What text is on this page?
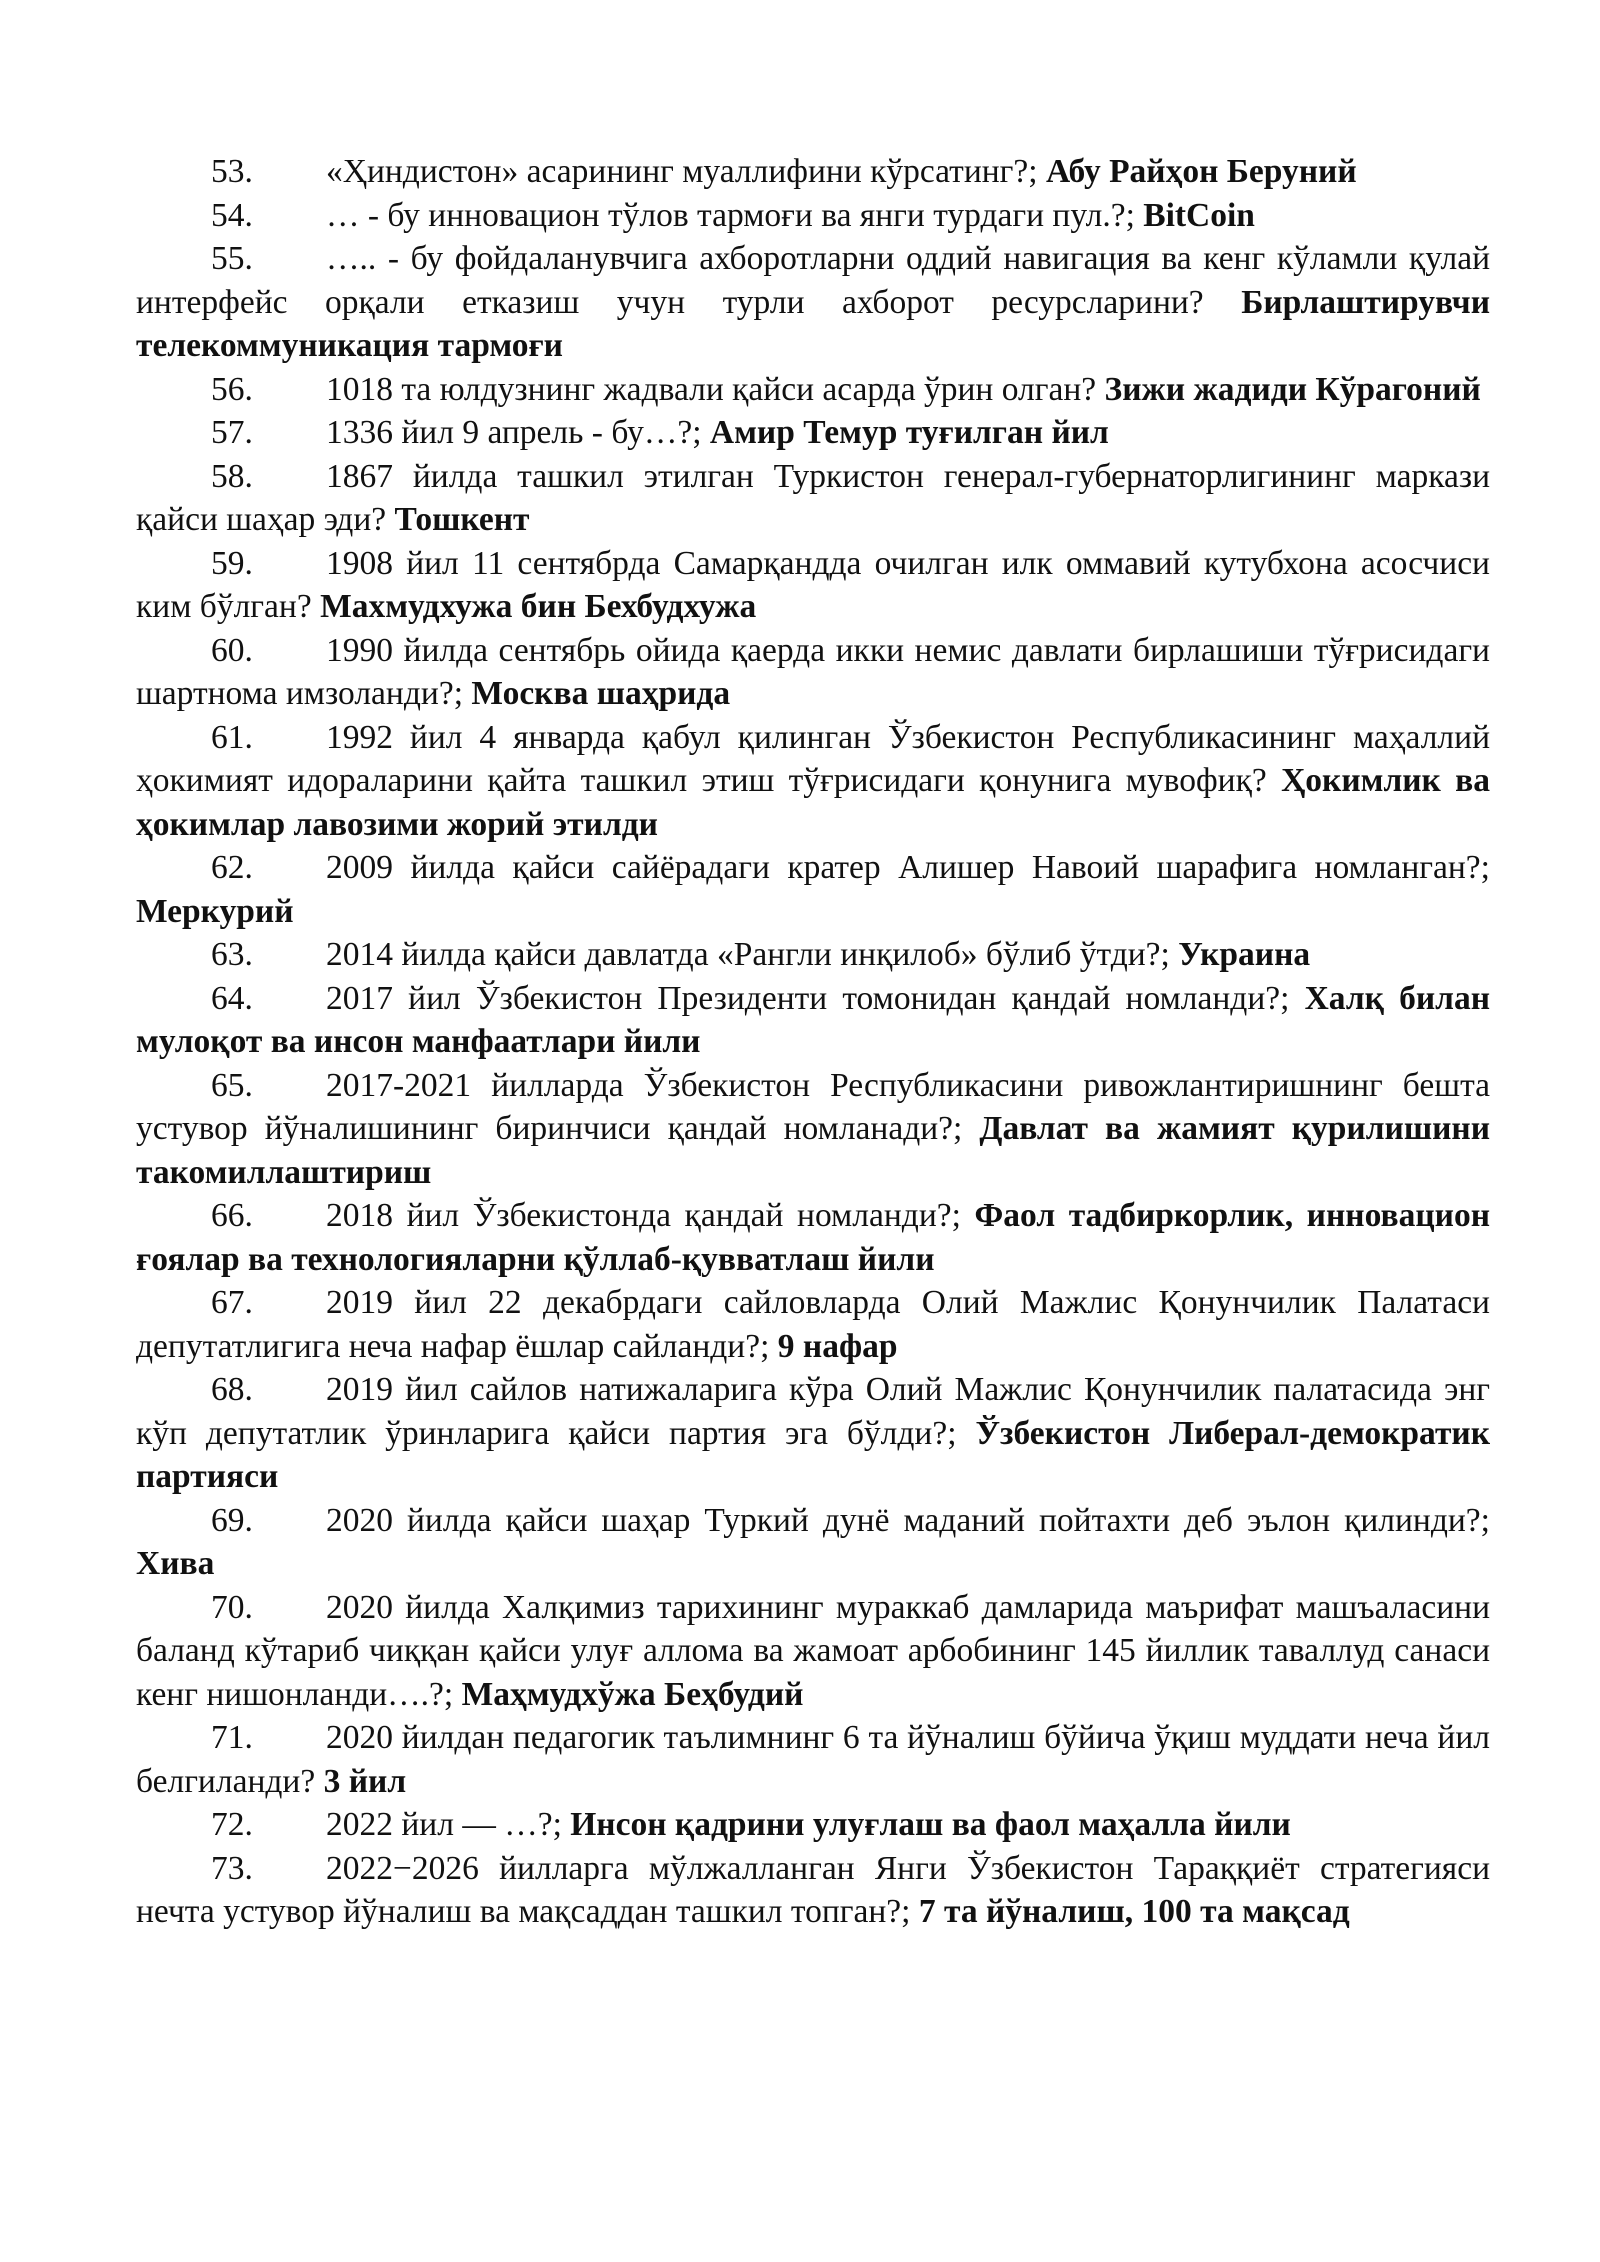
53. «Ҳиндистон» асарининг муаллифини кўрсатинг?; Абу Райҳон Беруний

54. … - бу инновацион тўлов тармоғи ва янги турдаги пул.?; BitCoin

55. ….. - бу фойдаланувчига ахборотларни оддий навигация ва кенг кўламли қулай интерфейс орқали етказиш учун турли ахборот ресурсларини? Бирлаштирувчи телекоммуникация тармоғи

56. 1018 та юлдузнинг жадвали қайси асарда ўрин олган? Зижи жадиди Кўрагоний

57. 1336 йил 9 апрель - бу…?; Амир Темур туғилган йил

58. 1867 йилда ташкил этилган Туркистон генерал-губернаторлигининг маркази қайси шаҳар эди? Тошкент

59. 1908 йил 11 сентябрда Самарқандда очилган илк оммавий кутубхона асосчиси ким бўлган? Махмудхужа бин Бехбудхужа

60. 1990 йилда сентябрь ойида қаерда икки немис давлати бирлашиши тўғрисидаги шартнома имзоланди?; Москва шаҳрида

61. 1992 йил 4 январда қабул қилинган Ўзбекистон Республикасининг маҳаллий ҳокимият идораларини қайта ташкил этиш тўғрисидаги қонунига мувофиқ? Ҳокимлик ва ҳокимлар лавозими жорий этилди

62. 2009 йилда қайси сайёрадаги кратер Алишер Навоий шарафига номланган?; Меркурий

63. 2014 йилда қайси давлатда «Рангли инқилоб» бўлиб ўтди?; Украина

64. 2017 йил Ўзбекистон Президенти томонидан қандай номланди?; Халқ билан мулоқот ва инсон манфаатлари йили

65. 2017-2021 йилларда Ўзбекистон Республикасини ривожлантиришнинг бешта устувор йўналишининг биринчиси қандай номланади?; Давлат ва жамият қурилишини такомиллаштириш

66. 2018 йил Ўзбекистонда қандай номланди?; Фаол тадбиркорлик, инновацион ғоялар ва технологияларни қўллаб-қувватлаш йили

67. 2019 йил 22 декабрдаги сайловларда Олий Мажлис Қонунчилик Палатаси депутатлигига неча нафар ёшлар сайланди?; 9 нафар

68. 2019 йил сайлов натижаларига кўра Олий Мажлис Қонунчилик палатасида энг кўп депутатлик ўринларига қайси партия эга бўлди?; Ўзбекистон Либерал-демократик партияси

69. 2020 йилда қайси шаҳар Туркий дунё маданий пойтахти деб эълон қилинди?; Хива

70. 2020 йилда Халқимиз тарихининг мураккаб дамларида маърифат машъаласини баланд кўтариб чиққан қайси улуғ аллома ва жамоат арбобининг 145 йиллик таваллуд санаси кенг нишонланди….?; Маҳмудхўжа Беҳбудий

71. 2020 йилдан педагогик таълимнинг 6 та йўналиш бўйича ўқиш муддати неча йил белгиланди? 3 йил

72. 2022 йил — …?; Инсон қадрини улуғлаш ва фаол маҳалла йили

73. 2022−2026 йилларга мўлжалланган Янги Ўзбекистон Тараққиёт стратегияси нечта устувор йўналиш ва мақсаддан ташкил топган?; 7 та йўналиш, 100 та мақсад
